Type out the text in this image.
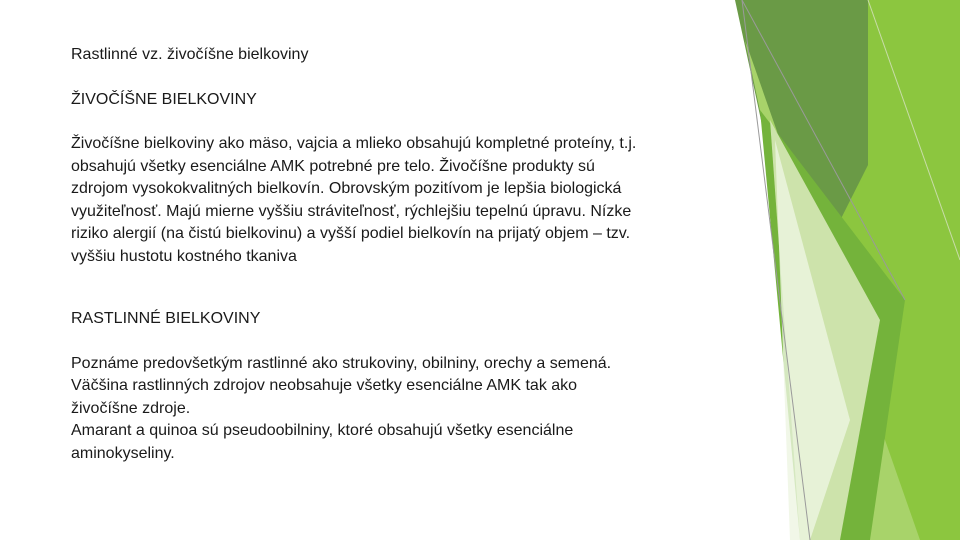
Rastlinné vz. živočíšne bielkoviny

ŽIVOČÍŠNE BIELKOVINY

Živočíšne bielkoviny ako mäso, vajcia a mlieko obsahujú kompletné proteíny, t.j.
obsahujú všetky esenciálne AMK potrebné pre telo. Živočíšne produkty sú
zdrojom vysokokvalitných bielkovín. Obrovským pozitívom je lepšia biologická
využiteľnosť. Majú mierne vyššiu stráviteľnosť, rýchlejšiu tepelnú úpravu. Nízke
riziko alergií (na čistú bielkovinu) a vyšší podiel bielkovín na prijatý objem – tzv.
vyššiu hustotu kostného tkaniva

RASTLINNÉ BIELKOVINY

Poznáme predovšetkým rastlinné ako strukoviny, obilniny, orechy a semená.
Väčšina rastlinných zdrojov neobsahuje všetky esenciálne AMK tak ako
živočíšne zdroje.
Amarant a quinoa sú pseudoobilniny, ktoré obsahujú všetky esenciálne
aminokyseliny.
